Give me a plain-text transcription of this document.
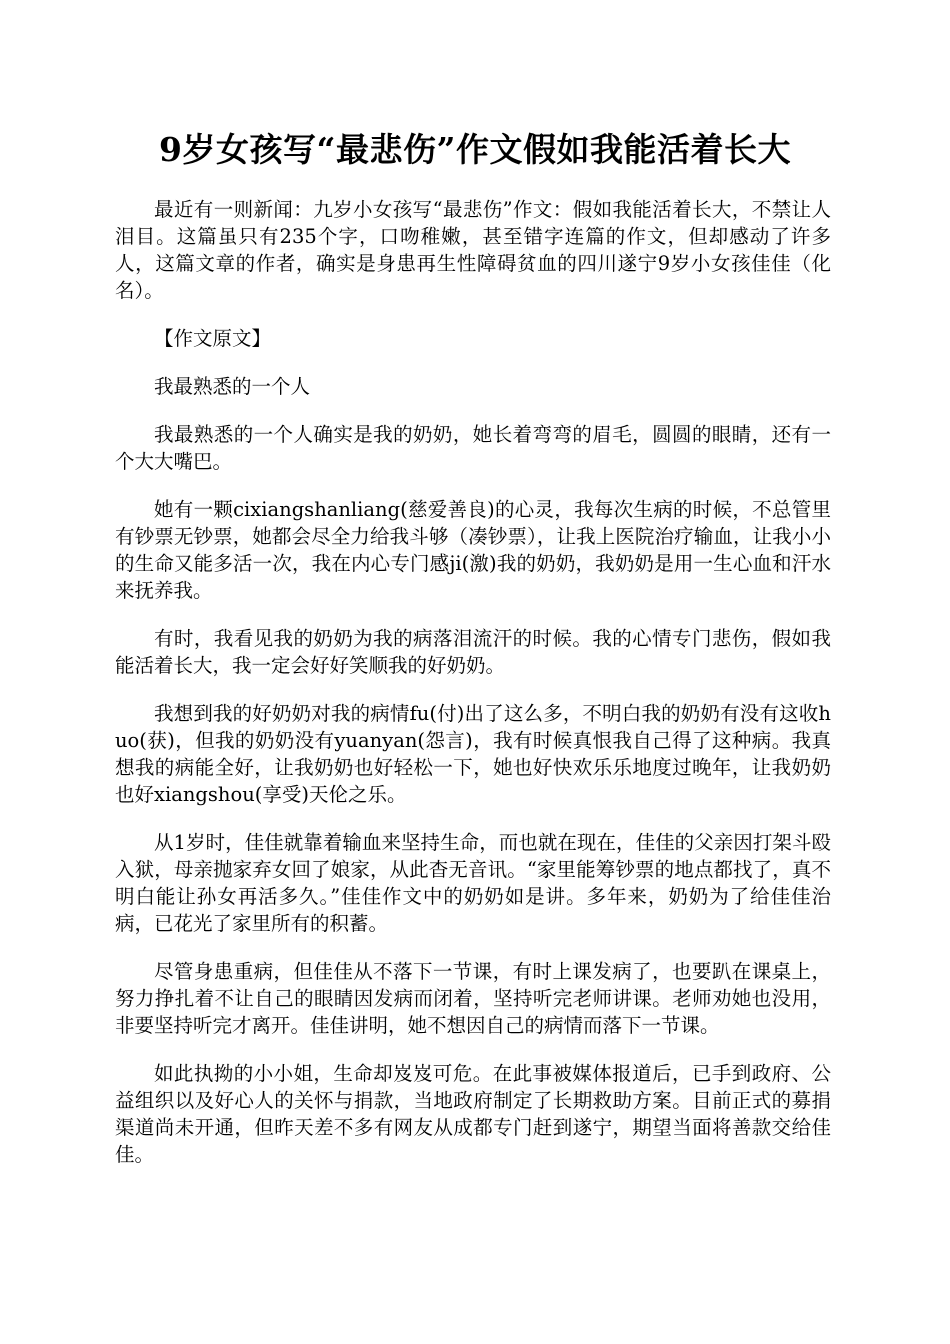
9岁女孩写“最悲伤”作文假如我能活着长大

最近有一则新闻：九岁小女孩写“最悲伤”作文：假如我能活着长大，不禁让人泪目。这篇虽只有235个字，口吻稚嫩，甚至错字连篇的作文，但却感动了许多人，这篇文章的作者，确实是身患再生性障碍贫血的四川遂宁9岁小女孩佳佳（化名）。

【作文原文】

我最熟悉的一个人

我最熟悉的一个人确实是我的奶奶，她长着弯弯的眉毛，圆圆的眼睛，还有一个大大嘴巴。

她有一颗cixiangshanliang(慈爱善良)的心灵，我每次生病的时候，不总管里有钞票无钞票，她都会尽全力给我斗够（凑钞票），让我上医院治疗输血，让我小小的生命又能多活一次，我在内心专门感ji(激)我的奶奶，我奶奶是用一生心血和汗水来抚养我。

有时，我看见我的奶奶为我的病落泪流汗的时候。我的心情专门悲伤，假如我能活着长大，我一定会好好笑顺我的好奶奶。

我想到我的好奶奶对我的病情fu(付)出了这么多，不明白我的奶奶有没有这收huo(获)，但我的奶奶没有yuanyan(怨言)，我有时候真恨我自己得了这种病。我真想我的病能全好，让我奶奶也好轻松一下，她也好快欢乐乐地度过晚年，让我奶奶也好xiangshou(享受)天伦之乐。

从1岁时，佳佳就靠着输血来坚持生命，而也就在现在，佳佳的父亲因打架斗殴入狱，母亲抛家弃女回了娘家，从此杳无音讯。“家里能筹钞票的地点都找了，真不明白能让孙女再活多久。”佳佳作文中的奶奶如是讲。多年来，奶奶为了给佳佳治病，已花光了家里所有的积蓄。

尽管身患重病，但佳佳从不落下一节课，有时上课发病了，也要趴在课桌上，努力挣扎着不让自己的眼睛因发病而闭着，坚持听完老师讲课。老师劝她也没用，非要坚持听完才离开。佳佳讲明，她不想因自己的病情而落下一节课。

如此执拗的小小姐，生命却岌岌可危。在此事被媒体报道后，已手到政府、公益组织以及好心人的关怀与捐款，当地政府制定了长期救助方案。目前正式的募捐渠道尚未开通，但昨天差不多有网友从成都专门赶到遂宁，期望当面将善款交给佳佳。
